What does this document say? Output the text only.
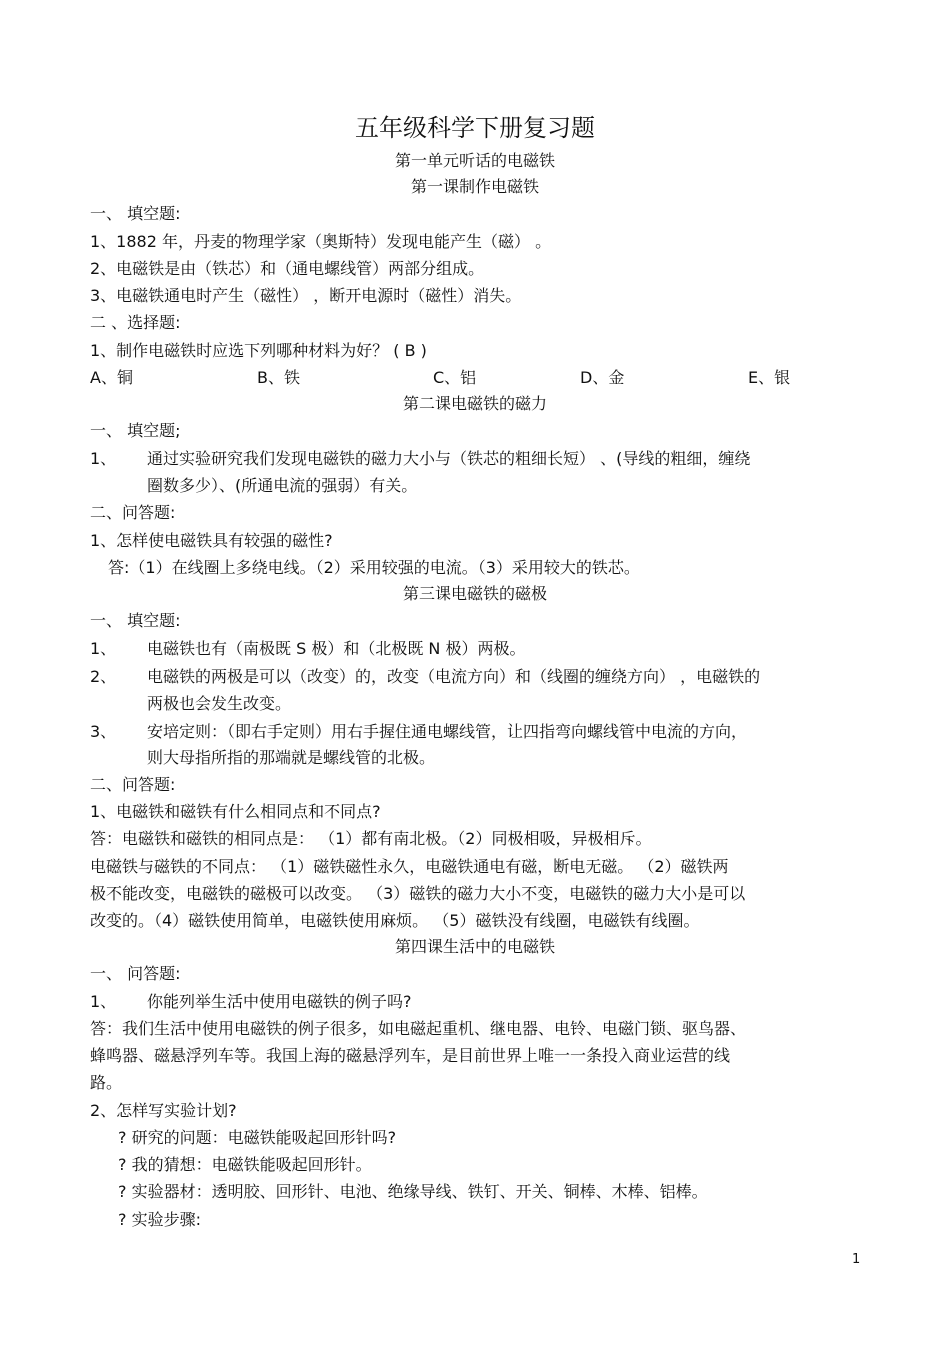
五年级科学下册复习题
第一单元听话的电磁铁
第一课制作电磁铁
一、 填空题:
1、1882 年，丹麦的物理学家（奥斯特）发现电能产生（磁） 。
2、电磁铁是由（铁芯）和（通电螺线管）两部分组成。
3、电磁铁通电时产生（磁性） ，断开电源时（磁性）消失。
二 、选择题:
1、制作电磁铁时应选下列哪种材料为好？ ( B )
A、铜	B、铁	C、铝	D、金	E、银
第二课电磁铁的磁力
一、 填空题;
1、 通过实验研究我们发现电磁铁的磁力大小与（铁芯的粗细长短） 、(导线的粗细，缠绕
圈数多少）、(所通电流的强弱）有关。
二、问答题:
1、怎样使电磁铁具有较强的磁性?
答:（1）在线圈上多绕电线。（2）采用较强的电流。（3）采用较大的铁芯。
第三课电磁铁的磁极
一、 填空题:
1、 电磁铁也有（南极既 S 极）和（北极既 N 极）两极。
2、 电磁铁的两极是可以（改变）的，改变（电流方向）和（线圈的缠绕方向） ，电磁铁的
两极也会发生改变。
3、 安培定则：（即右手定则）用右手握住通电螺线管，让四指弯向螺线管中电流的方向，
则大母指所指的那端就是螺线管的北极。
二、问答题:
1、电磁铁和磁铁有什么相同点和不同点?
答：电磁铁和磁铁的相同点是： （1）都有南北极。（2）同极相吸，异极相斥。
电磁铁与磁铁的不同点： （1）磁铁磁性永久，电磁铁通电有磁，断电无磁。 （2）磁铁两
极不能改变，电磁铁的磁极可以改变。 （3）磁铁的磁力大小不变，电磁铁的磁力大小是可以
改变的。（4）磁铁使用简单，电磁铁使用麻烦。 （5）磁铁没有线圈，电磁铁有线圈。
第四课生活中的电磁铁
一、 问答题:
1、 你能列举生活中使用电磁铁的例子吗?
答：我们生活中使用电磁铁的例子很多，如电磁起重机、继电器、电铃、电磁门锁、驱鸟器、
蜂鸣器、磁悬浮列车等。我国上海的磁悬浮列车，是目前世界上唯一一条投入商业运营的线
路。
2、怎样写实验计划?
? 研究的问题：电磁铁能吸起回形针吗?
? 我的猜想：电磁铁能吸起回形针。
? 实验器材：透明胶、回形针、电池、绝缘导线、铁钉、开关、铜棒、木棒、铝棒。
? 实验步骤:
1
